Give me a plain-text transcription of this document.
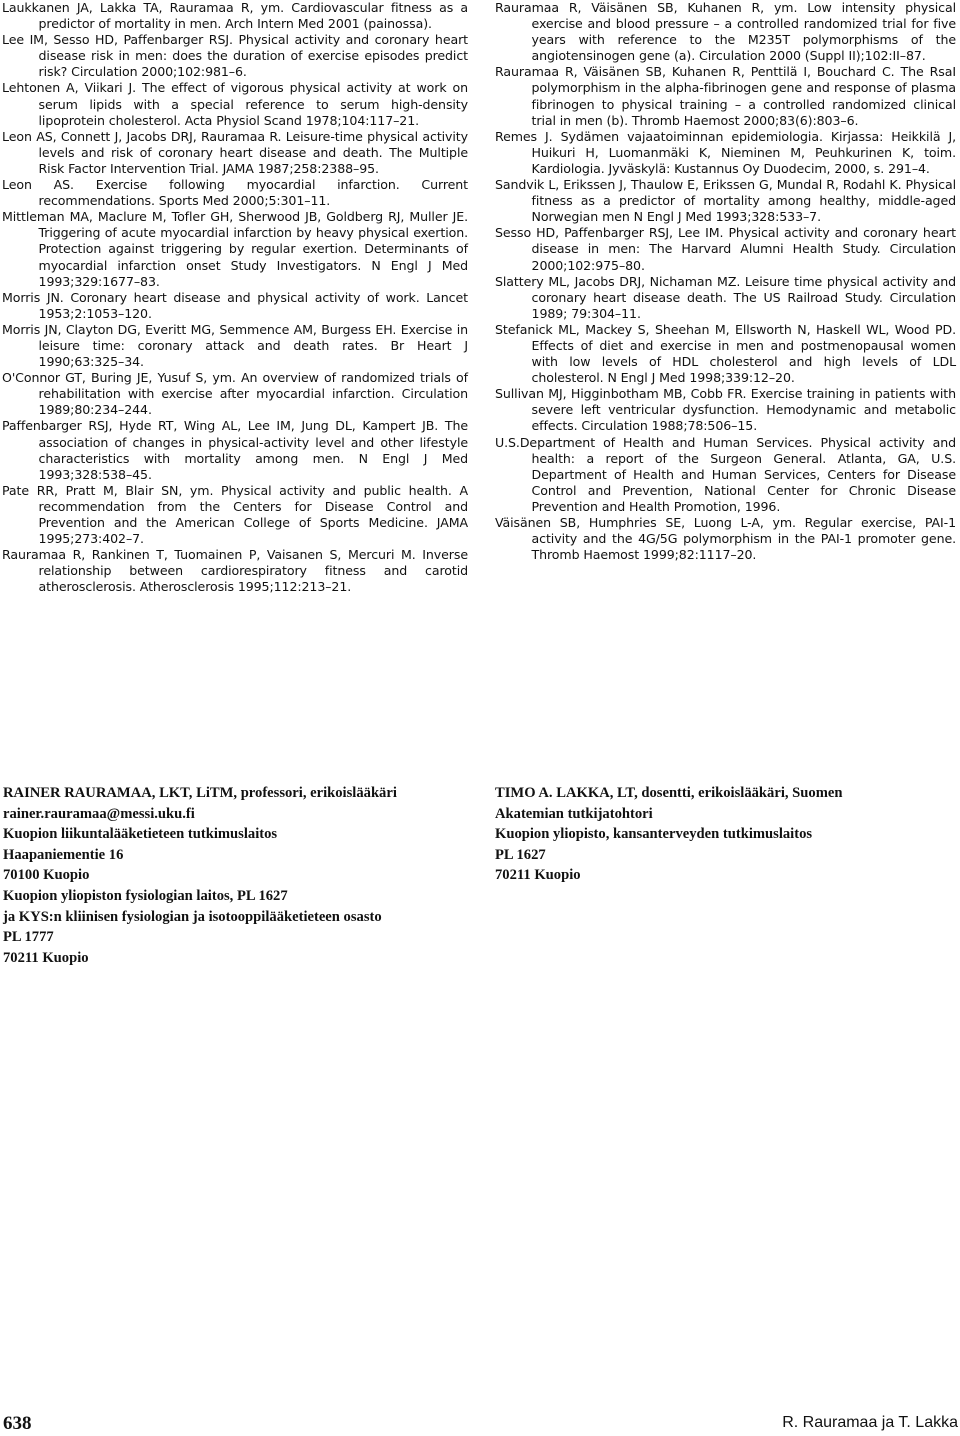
Laukkanen JA, Lakka TA, Rauramaa R, ym. Cardiovascular fitness as a predictor of mortality in men. Arch Intern Med 2001 (painossa).

Lee IM, Sesso HD, Paffenbarger RSJ. Physical activity and coronary heart disease risk in men: does the duration of exercise episodes predict risk? Circulation 2000;102:981–6.

Lehtonen A, Viikari J. The effect of vigorous physical activity at work on serum lipids with a special reference to serum high-density lipoprotein cholesterol. Acta Physiol Scand 1978;104:117–21.

Leon AS, Connett J, Jacobs DRJ, Rauramaa R. Leisure-time physical activity levels and risk of coronary heart disease and death. The Multiple Risk Factor Intervention Trial. JAMA 1987;258:2388–95.

Leon AS. Exercise following myocardial infarction. Current recommendations. Sports Med 2000;5:301–11.

Mittleman MA, Maclure M, Tofler GH, Sherwood JB, Goldberg RJ, Muller JE. Triggering of acute myocardial infarction by heavy physical exertion. Protection against triggering by regular exertion. Determinants of myocardial infarction onset Study Investigators. N Engl J Med 1993;329:1677–83.

Morris JN. Coronary heart disease and physical activity of work. Lancet 1953;2:1053–120.

Morris JN, Clayton DG, Everitt MG, Semmence AM, Burgess EH. Exercise in leisure time: coronary attack and death rates. Br Heart J 1990;63:325–34.

O'Connor GT, Buring JE, Yusuf S, ym. An overview of randomized trials of rehabilitation with exercise after myocardial infarction. Circulation 1989;80:234–244.

Paffenbarger RSJ, Hyde RT, Wing AL, Lee IM, Jung DL, Kampert JB. The association of changes in physical-activity level and other lifestyle characteristics with mortality among men. N Engl J Med 1993;328:538–45.

Pate RR, Pratt M, Blair SN, ym. Physical activity and public health. A recommendation from the Centers for Disease Control and Prevention and the American College of Sports Medicine. JAMA 1995;273:402–7.

Rauramaa R, Rankinen T, Tuomainen P, Vaisanen S, Mercuri M. Inverse relationship between cardiorespiratory fitness and carotid atherosclerosis. Atherosclerosis 1995;112:213–21.

Rauramaa R, Väisänen SB, Kuhanen R, ym. Low intensity physical exercise and blood pressure – a controlled randomized trial for five years with reference to the M235T polymorphisms of the angiotensinogen gene (a). Circulation 2000 (Suppl II);102:II–87.

Rauramaa R, Väisänen SB, Kuhanen R, Penttilä I, Bouchard C. The RsaI polymorphism in the alpha-fibrinogen gene and response of plasma fibrinogen to physical training – a controlled randomized clinical trial in men (b). Thromb Haemost 2000;83(6):803–6.

Remes J. Sydämen vajaatoiminnan epidemiologia. Kirjassa: Heikkilä J, Huikuri H, Luomanmäki K, Nieminen M, Peuhkurinen K, toim. Kardiologia. Jyväskylä: Kustannus Oy Duodecim, 2000, s. 291–4.

Sandvik L, Erikssen J, Thaulow E, Erikssen G, Mundal R, Rodahl K. Physical fitness as a predictor of mortality among healthy, middle-aged Norwegian men N Engl J Med 1993;328:533–7.

Sesso HD, Paffenbarger RSJ, Lee IM. Physical activity and coronary heart disease in men: The Harvard Alumni Health Study. Circulation 2000;102:975–80.

Slattery ML, Jacobs DRJ, Nichaman MZ. Leisure time physical activity and coronary heart disease death. The US Railroad Study. Circulation 1989; 79:304–11.

Stefanick ML, Mackey S, Sheehan M, Ellsworth N, Haskell WL, Wood PD. Effects of diet and exercise in men and postmenopausal women with low levels of HDL cholesterol and high levels of LDL cholesterol. N Engl J Med 1998;339:12–20.

Sullivan MJ, Higginbotham MB, Cobb FR. Exercise training in patients with severe left ventricular dysfunction. Hemodynamic and metabolic effects. Circulation 1988;78:506–15.

U.S.Department of Health and Human Services. Physical activity and health: a report of the Surgeon General. Atlanta, GA, U.S. Department of Health and Human Services, Centers for Disease Control and Prevention, National Center for Chronic Disease Prevention and Health Promotion, 1996.

Väisänen SB, Humphries SE, Luong L-A, ym. Regular exercise, PAI-1 activity and the 4G/5G polymorphism in the PAI-1 promoter gene. Thromb Haemost 1999;82:1117–20.

RAINER RAURAMAA, LKT, LiTM, professori, erikoislääkäri
rainer.rauramaa@messi.uku.fi
Kuopion liikuntalääketieteen tutkimuslaitos
Haapaniementie 16
70100 Kuopio
Kuopion yliopiston fysiologian laitos, PL 1627
ja KYS:n kliinisen fysiologian ja isotooppilääketieteen osasto
PL 1777
70211 Kuopio
TIMO A. LAKKA, LT, dosentti, erikoislääkäri, Suomen
Akatemian tutkijatohtori
Kuopion yliopisto, kansanterveyden tutkimuslaitos
PL 1627
70211 Kuopio
638	R. Rauramaa ja T. Lakka
